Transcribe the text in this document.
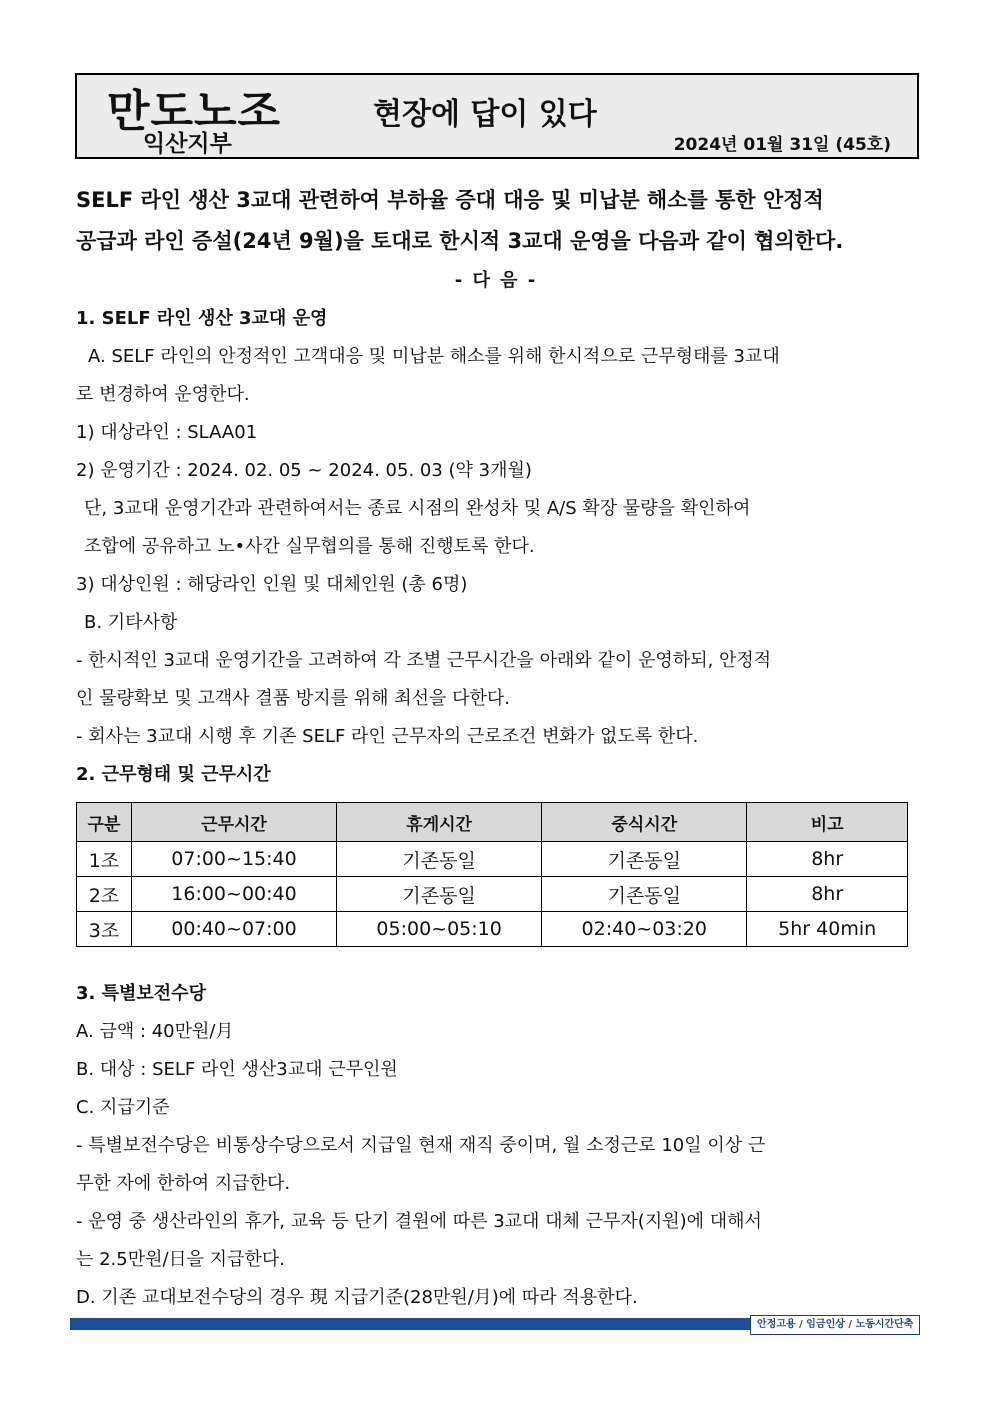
만도노조
익산지부
현장에 답이 있다
2024년 01월 31일 (45호)

SELF 라인 생산 3교대 관련하여 부하율 증대 대응 및 미납분 해소를 통한 안정적

공급과 라인 증설(24년 9월)을 토대로 한시적 3교대 운영을 다음과 같이 협의한다.

- 다 음 -

1. SELF 라인 생산 3교대 운영

A. SELF 라인의 안정적인 고객대응 및 미납분 해소를 위해 한시적으로 근무형태를 3교대

로 변경하여 운영한다.

1) 대상라인 : SLAA01

2) 운영기간 : 2024. 02. 05 ~ 2024. 05. 03 (약 3개월)

단, 3교대 운영기간과 관련하여서는 종료 시점의 완성차 및 A/S 확장 물량을 확인하여

조합에 공유하고 노•사간 실무협의를 통해 진행토록 한다.

3) 대상인원 : 해당라인 인원 및 대체인원 (총 6명)

B. 기타사항

- 한시적인 3교대 운영기간을 고려하여 각 조별 근무시간을 아래와 같이 운영하되, 안정적

인 물량확보 및 고객사 결품 방지를 위해 최선을 다한다.

- 회사는 3교대 시행 후 기존 SELF 라인 근무자의 근로조건 변화가 없도록 한다.

2. 근무형태 및 근무시간

구분	근무시간	휴게시간	중식시간	비고
1조	07:00~15:40	기존동일	기존동일	8hr
2조	16:00~00:40	기존동일	기존동일	8hr
3조	00:40~07:00	05:00~05:10	02:40~03:20	5hr 40min

3. 특별보전수당

A. 금액 : 40만원/月

B. 대상 : SELF 라인 생산3교대 근무인원

C. 지급기준

- 특별보전수당은 비통상수당으로서 지급일 현재 재직 중이며, 월 소정근로 10일 이상 근

무한 자에 한하여 지급한다.

- 운영 중 생산라인의 휴가, 교육 등 단기 결원에 따른 3교대 대체 근무자(지원)에 대해서

는 2.5만원/日을 지급한다.

D. 기존 교대보전수당의 경우 現 지급기준(28만원/月)에 따라 적용한다.

안정고용 / 임금인상 / 노동시간단축
